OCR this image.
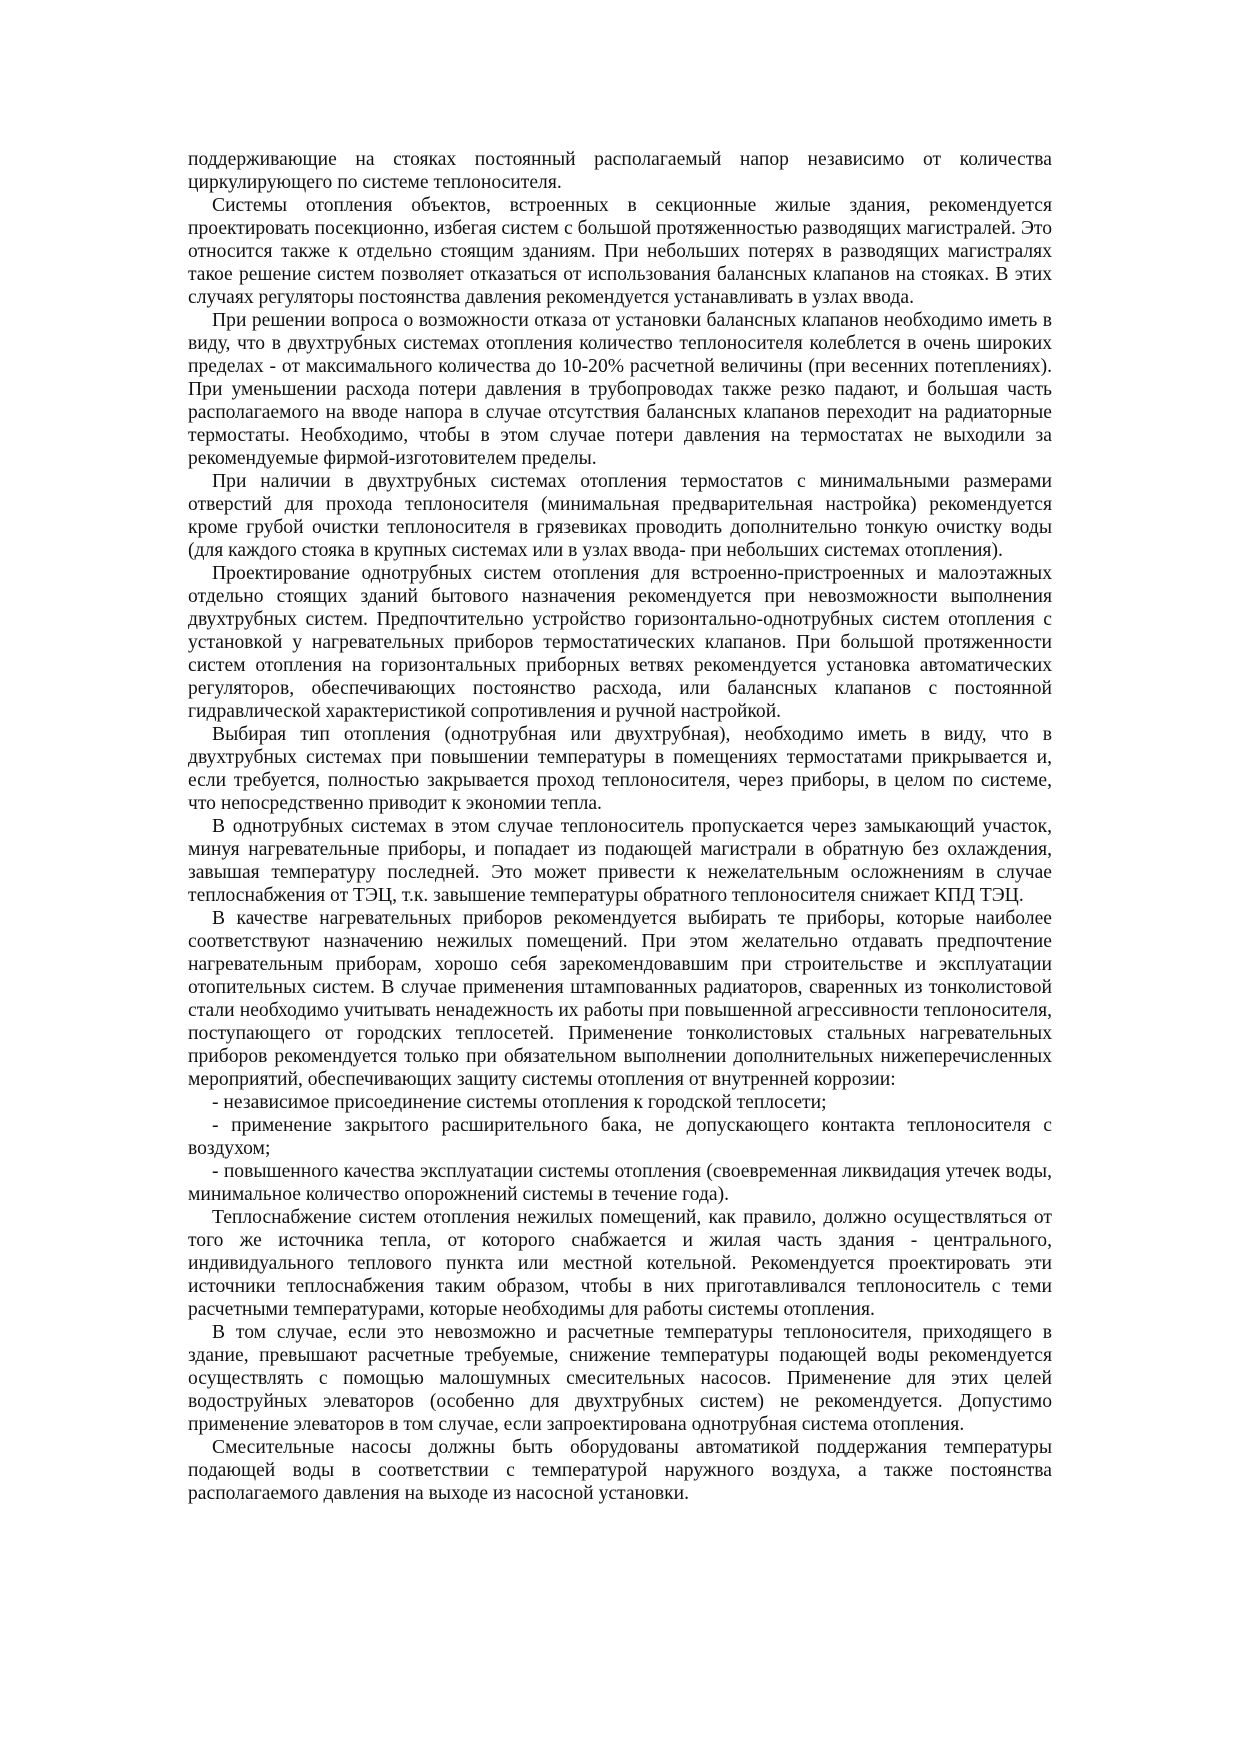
поддерживающие на стояках постоянный располагаемый напор независимо от количества циркулирующего по системе теплоносителя.

Системы отопления объектов, встроенных в секционные жилые здания, рекомендуется проектировать посекционно, избегая систем с большой протяженностью разводящих магистралей. Это относится также к отдельно стоящим зданиям. При небольших потерях в разводящих магистралях такое решение систем позволяет отказаться от использования балансных клапанов на стояках. В этих случаях регуляторы постоянства давления рекомендуется устанавливать в узлах ввода.

При решении вопроса о возможности отказа от установки балансных клапанов необходимо иметь в виду, что в двухтрубных системах отопления количество теплоносителя колеблется в очень широких пределах - от максимального количества до 10-20% расчетной величины (при весенних потеплениях). При уменьшении расхода потери давления в трубопроводах также резко падают, и большая часть располагаемого на вводе напора в случае отсутствия балансных клапанов переходит на радиаторные термостаты. Необходимо, чтобы в этом случае потери давления на термостатах не выходили за рекомендуемые фирмой-изготовителем пределы.

При наличии в двухтрубных системах отопления термостатов с минимальными размерами отверстий для прохода теплоносителя (минимальная предварительная настройка) рекомендуется кроме грубой очистки теплоносителя в грязевиках проводить дополнительно тонкую очистку воды (для каждого стояка в крупных системах или в узлах ввода- при небольших системах отопления).

Проектирование однотрубных систем отопления для встроенно-пристроенных и малоэтажных отдельно стоящих зданий бытового назначения рекомендуется при невозможности выполнения двухтрубных систем. Предпочтительно устройство горизонтально-однотрубных систем отопления с установкой у нагревательных приборов термостатических клапанов. При большой протяженности систем отопления на горизонтальных приборных ветвях рекомендуется установка автоматических регуляторов, обеспечивающих постоянство расхода, или балансных клапанов с постоянной гидравлической характеристикой сопротивления и ручной настройкой.

Выбирая тип отопления (однотрубная или двухтрубная), необходимо иметь в виду, что в двухтрубных системах при повышении температуры в помещениях термостатами прикрывается и, если требуется, полностью закрывается проход теплоносителя, через приборы, в целом по системе, что непосредственно приводит к экономии тепла.

В однотрубных системах в этом случае теплоноситель пропускается через замыкающий участок, минуя нагревательные приборы, и попадает из подающей магистрали в обратную без охлаждения, завышая температуру последней. Это может привести к нежелательным осложнениям в случае теплоснабжения от ТЭЦ, т.к. завышение температуры обратного теплоносителя снижает КПД ТЭЦ.

В качестве нагревательных приборов рекомендуется выбирать те приборы, которые наиболее соответствуют назначению нежилых помещений. При этом желательно отдавать предпочтение нагревательным приборам, хорошо себя зарекомендовавшим при строительстве и эксплуатации отопительных систем. В случае применения штампованных радиаторов, сваренных из тонколистовой стали необходимо учитывать ненадежность их работы при повышенной агрессивности теплоносителя, поступающего от городских теплосетей. Применение тонколистовых стальных нагревательных приборов рекомендуется только при обязательном выполнении дополнительных нижеперечисленных мероприятий, обеспечивающих защиту системы отопления от внутренней коррозии:

- независимое присоединение системы отопления к городской теплосети;

- применение закрытого расширительного бака, не допускающего контакта теплоносителя с воздухом;

- повышенного качества эксплуатации системы отопления (своевременная ликвидация утечек воды, минимальное количество опорожнений системы в течение года).

Теплоснабжение систем отопления нежилых помещений, как правило, должно осуществляться от того же источника тепла, от которого снабжается и жилая часть здания - центрального, индивидуального теплового пункта или местной котельной. Рекомендуется проектировать эти источники теплоснабжения таким образом, чтобы в них приготавливался теплоноситель с теми расчетными температурами, которые необходимы для работы системы отопления.

В том случае, если это невозможно и расчетные температуры теплоносителя, приходящего в здание, превышают расчетные требуемые, снижение температуры подающей воды рекомендуется осуществлять с помощью малошумных смесительных насосов. Применение для этих целей водоструйных элеваторов (особенно для двухтрубных систем) не рекомендуется. Допустимо применение элеваторов в том случае, если запроектирована однотрубная система отопления.

Смесительные насосы должны быть оборудованы автоматикой поддержания температуры подающей воды в соответствии с температурой наружного воздуха, а также постоянства располагаемого давления на выходе из насосной установки.
